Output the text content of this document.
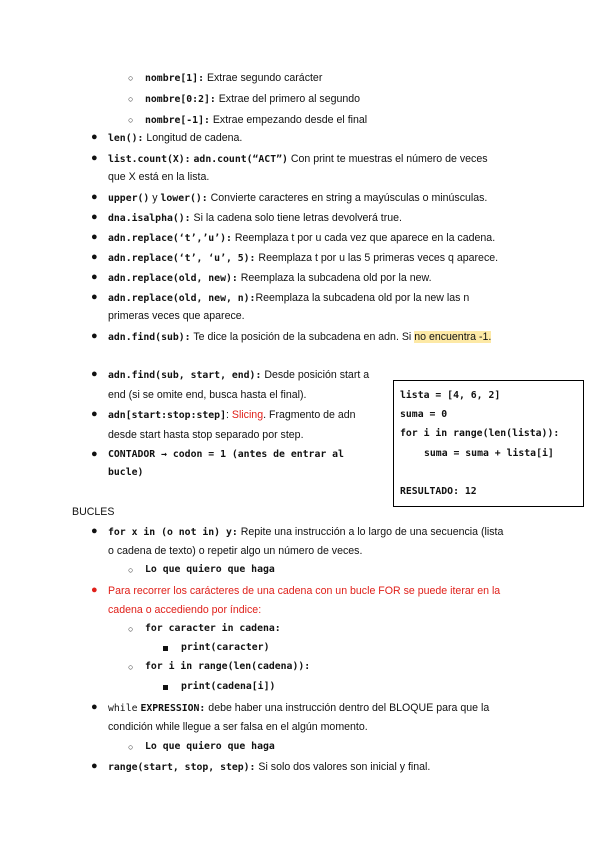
○ nombre[1]: Extrae segundo carácter
○ nombre[0:2]: Extrae del primero al segundo
○ nombre[-1]: Extrae empezando desde el final
● len(): Longitud de cadena.
● list.count(X): adn.count(“ACT”) Con print te muestras el número de veces
que X está en la lista.
● upper() y lower(): Convierte caracteres en string a mayúsculas o minúsculas.
● dna.isalpha(): Si la cadena solo tiene letras devolverá true.
● adn.replace(‘t’,’u’): Reemplaza t por u cada vez que aparece en la cadena.
● adn.replace(‘t’, ‘u’, 5): Reemplaza t por u las 5 primeras veces q aparece.
● adn.replace(old, new): Reemplaza la subcadena old por la new.
● adn.replace(old, new, n):Reemplaza la subcadena old por la new las n
primeras veces que aparece.
● adn.find(sub): Te dice la posición de la subcadena en adn. Si no encuentra -1.
● adn.find(sub, start, end): Desde posición start a
end (si se omite end, busca hasta el final).
● adn[start:stop:step]: Slicing. Fragmento de adn
desde start hasta stop separado por step.
● CONTADOR → codon = 1 (antes de entrar al
bucle)
lista = [4, 6, 2]
suma = 0
for i in range(len(lista)):
suma = suma + lista[i]
RESULTADO: 12
BUCLES
● for x in (o not in) y: Repite una instrucción a lo largo de una secuencia (lista
o cadena de texto) o repetir algo un número de veces.
○ Lo que quiero que haga
● Para recorrer los carácteres de una cadena con un bucle FOR se puede iterar en la
cadena o accediendo por índice:
○ for caracter in cadena:
print(caracter)
○ for i in range(len(cadena)):
print(cadena[i])
● while EXPRESSION: debe haber una instrucción dentro del BLOQUE para que la
condición while llegue a ser falsa en el algún momento.
○ Lo que quiero que haga
● range(start, stop, step): Si solo dos valores son inicial y final.
